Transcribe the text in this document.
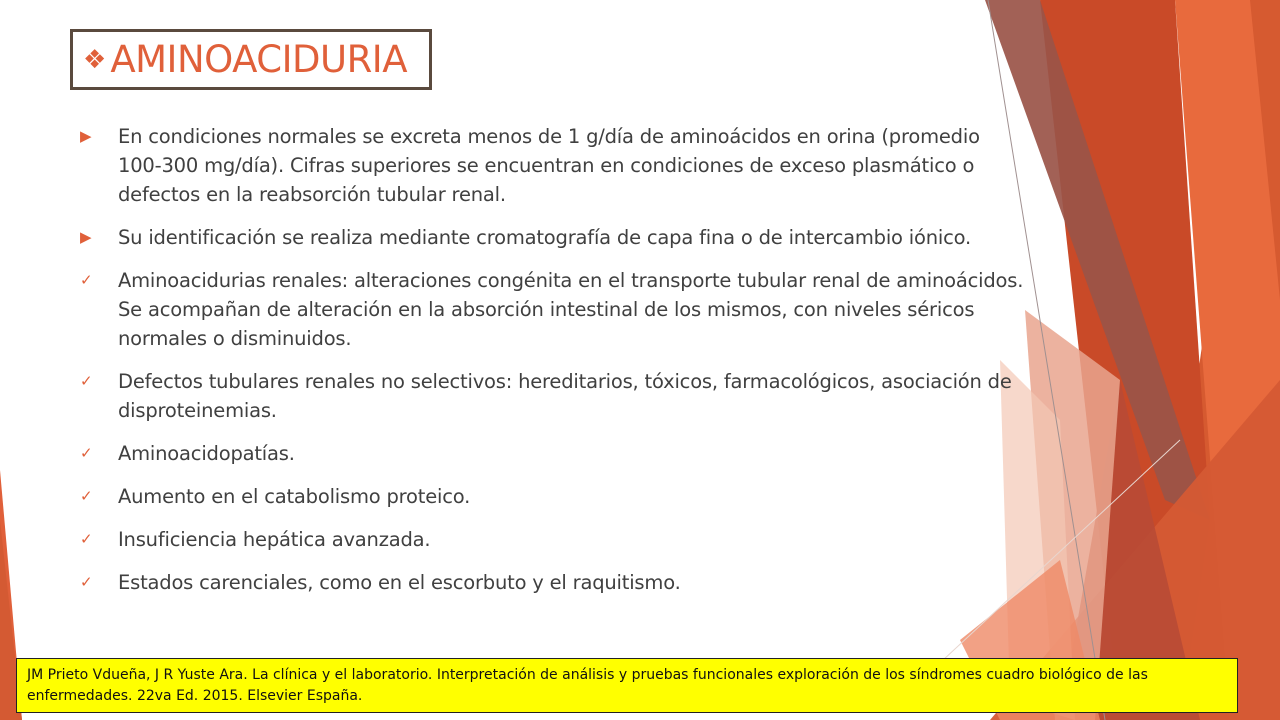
❖ AMINOACIDURIA
▶	En condiciones normales se excreta menos de 1 g/día de aminoácidos en orina (promedio 100-300 mg/día). Cifras superiores se encuentran en condiciones de exceso plasmático o defectos en la reabsorción tubular renal.
▶	Su identificación se realiza mediante cromatografía de capa fina o de intercambio iónico.
✓	Aminoacidurias renales: alteraciones congénita en el transporte tubular renal de aminoácidos. Se acompañan de alteración en la absorción intestinal de los mismos, con niveles séricos normales o disminuidos.
✓	Defectos tubulares renales no selectivos: hereditarios, tóxicos, farmacológicos, asociación de disproteinemias.
✓	Aminoacidopatías.
✓	Aumento en el catabolismo proteico.
✓	Insuficiencia hepática avanzada.
✓	Estados carenciales, como en el escorbuto y el raquitismo.
JM Prieto Vdueña, J R Yuste Ara. La clínica y el laboratorio. Interpretación de análisis y pruebas funcionales exploración de los síndromes cuadro biológico de las enfermedades. 22va Ed. 2015. Elsevier España.
